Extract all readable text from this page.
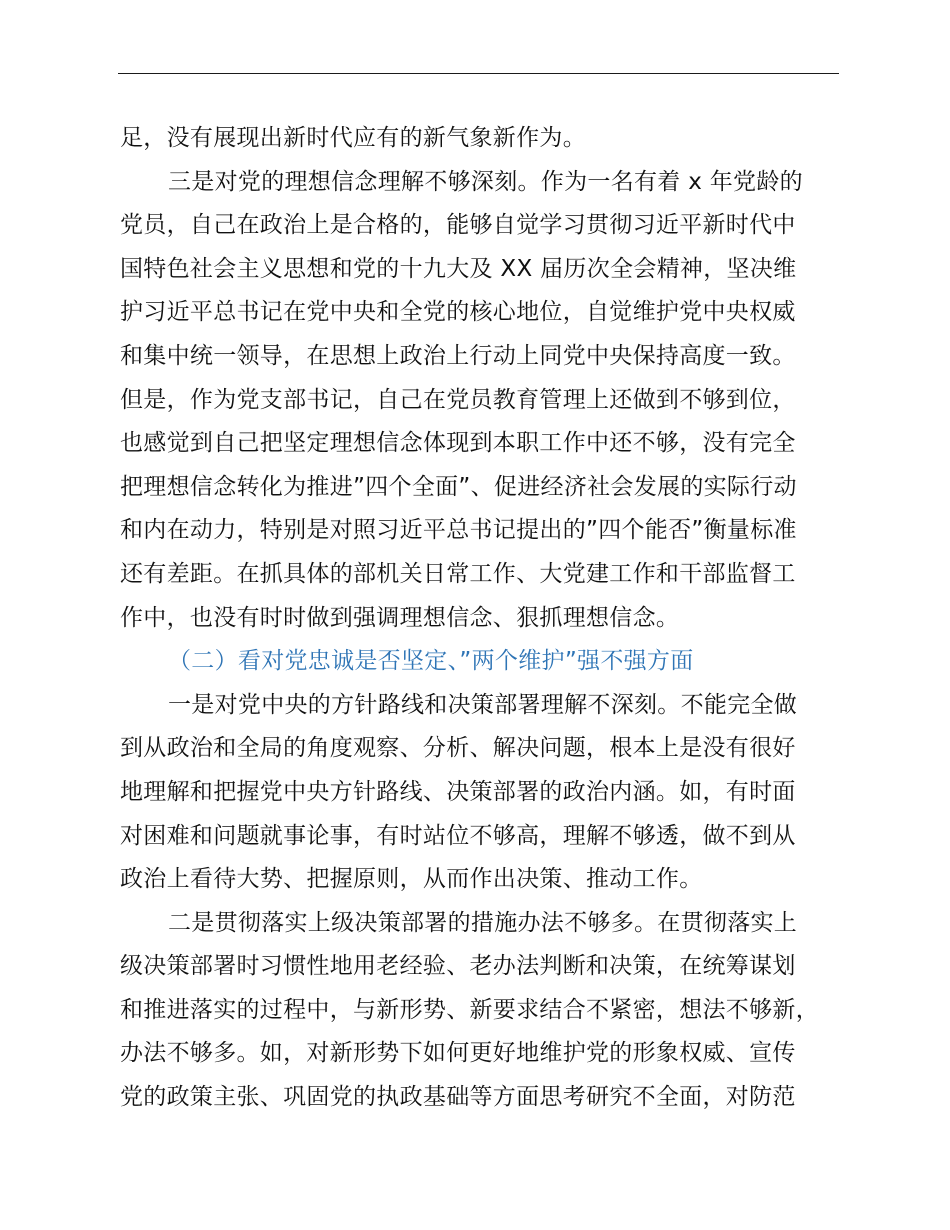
足，没有展现出新时代应有的新气象新作为。

三是对党的理想信念理解不够深刻。作为一名有着 x 年党龄的

党员，自己在政治上是合格的，能够自觉学习贯彻习近平新时代中

国特色社会主义思想和党的十九大及 XX 届历次全会精神，坚决维

护习近平总书记在党中央和全党的核心地位，自觉维护党中央权威

和集中统一领导，在思想上政治上行动上同党中央保持高度一致。

但是，作为党支部书记，自己在党员教育管理上还做到不够到位，

也感觉到自己把坚定理想信念体现到本职工作中还不够，没有完全

把理想信念转化为推进”四个全面”、促进经济社会发展的实际行动

和内在动力，特别是对照习近平总书记提出的”四个能否”衡量标准

还有差距。在抓具体的部机关日常工作、大党建工作和干部监督工

作中，也没有时时做到强调理想信念、狠抓理想信念。

（二）看对党忠诚是否坚定、”两个维护”强不强方面

一是对党中央的方针路线和决策部署理解不深刻。不能完全做

到从政治和全局的角度观察、分析、解决问题，根本上是没有很好

地理解和把握党中央方针路线、决策部署的政治内涵。如，有时面

对困难和问题就事论事，有时站位不够高，理解不够透，做不到从

政治上看待大势、把握原则，从而作出决策、推动工作。

二是贯彻落实上级决策部署的措施办法不够多。在贯彻落实上

级决策部署时习惯性地用老经验、老办法判断和决策，在统筹谋划

和推进落实的过程中，与新形势、新要求结合不紧密，想法不够新，

办法不够多。如，对新形势下如何更好地维护党的形象权威、宣传

党的政策主张、巩固党的执政基础等方面思考研究不全面，对防范
